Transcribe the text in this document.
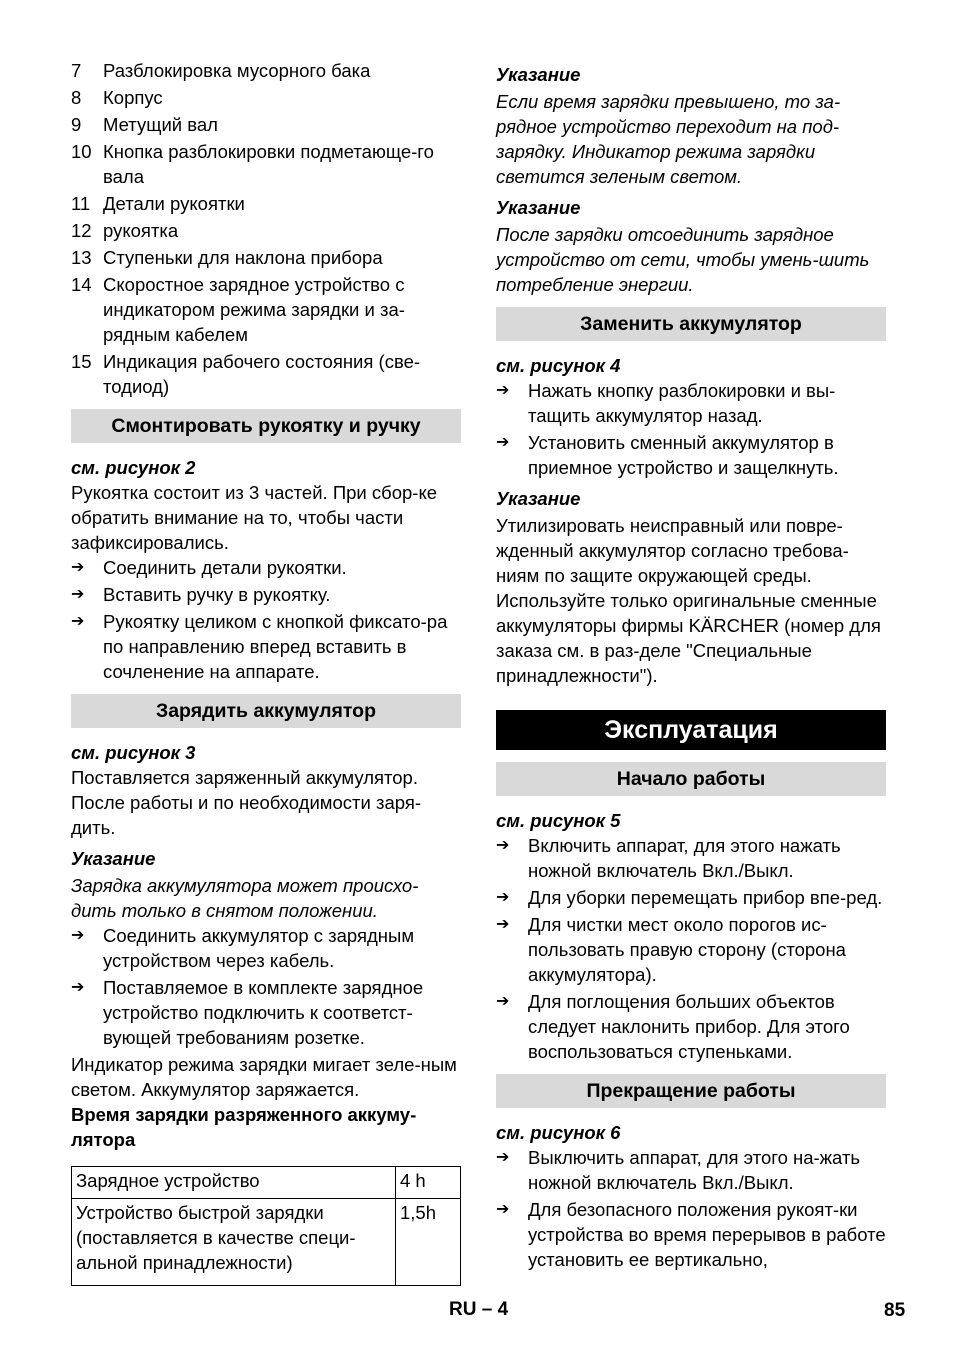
7	Разблокировка мусорного бака
8	Корпус
9	Метущий вал
10 Кнопка разблокировки подметающе-го вала
11 Детали рукоятки
12 рукоятка
13 Ступеньки для наклона прибора
14 Скоростное зарядное устройство с индикатором режима зарядки и за-рядным кабелем
15 Индикация рабочего состояния (све-тодиод)
Смонтировать рукоятку и ручку

см. рисунок 2

Рукоятка состоит из 3 частей. При сбор-ке обратить внимание на то, чтобы части зафиксировались.

➔	Соединить детали рукоятки.
➔	Вставить ручку в рукоятку.
➔	Рукоятку целиком с кнопкой фиксато-ра по направлению вперед вставить в сочленение на аппарате.
Зарядить аккумулятор

см. рисунок 3

Поставляется заряженный аккумулятор. После работы и по необходимости заря-дить.

Указание

Зарядка аккумулятора может происхо-дить только в снятом положении.

➔	Соединить аккумулятор с зарядным устройством через кабель.
➔	Поставляемое в комплекте зарядное устройство подключить к соответст-вующей требованиям розетке.

Индикатор режима зарядки мигает зеле-ным светом. Аккумулятор заряжается.

Время зарядки разряженного аккуму-лятора

Зарядное устройство	4 h
Устройство быстрой зарядки (поставляется в качестве специ-альной принадлежности)	1,5h

Указание

Если время зарядки превышено, то за-рядное устройство переходит на под-зарядку. Индикатор режима зарядки светится зеленым светом.

Указание

После зарядки отсоединить зарядное устройство от сети, чтобы умень-шить потребление энергии.

Заменить аккумулятор

см. рисунок 4

➔	Нажать кнопку разблокировки и вы-тащить аккумулятор назад.
➔	Установить сменный аккумулятор в приемное устройство и защелкнуть.

Указание

Утилизировать неисправный или повре-жденный аккумулятор согласно требова-ниям по защите окружающей среды. Используйте только оригинальные сменные аккумуляторы фирмы KÄRCHER (номер для заказа см. в раз-деле "Специальные принадлежности").

Эксплуатация
Начало работы

см. рисунок 5

➔	Включить аппарат, для этого нажать ножной включатель Вкл./Выкл.
➔	Для уборки перемещать прибор впе-ред.
➔	Для чистки мест около порогов ис-пользовать правую сторону (сторона аккумулятора).
➔	Для поглощения больших объектов следует наклонить прибор. Для этого воспользоваться ступеньками.
Прекращение работы

см. рисунок 6

➔	Выключить аппарат, для этого на-жать ножной включатель Вкл./Выкл.
➔	Для безопасного положения рукоят-ки устройства во время перерывов в работе установить ее вертикально,
RU – 4	85
